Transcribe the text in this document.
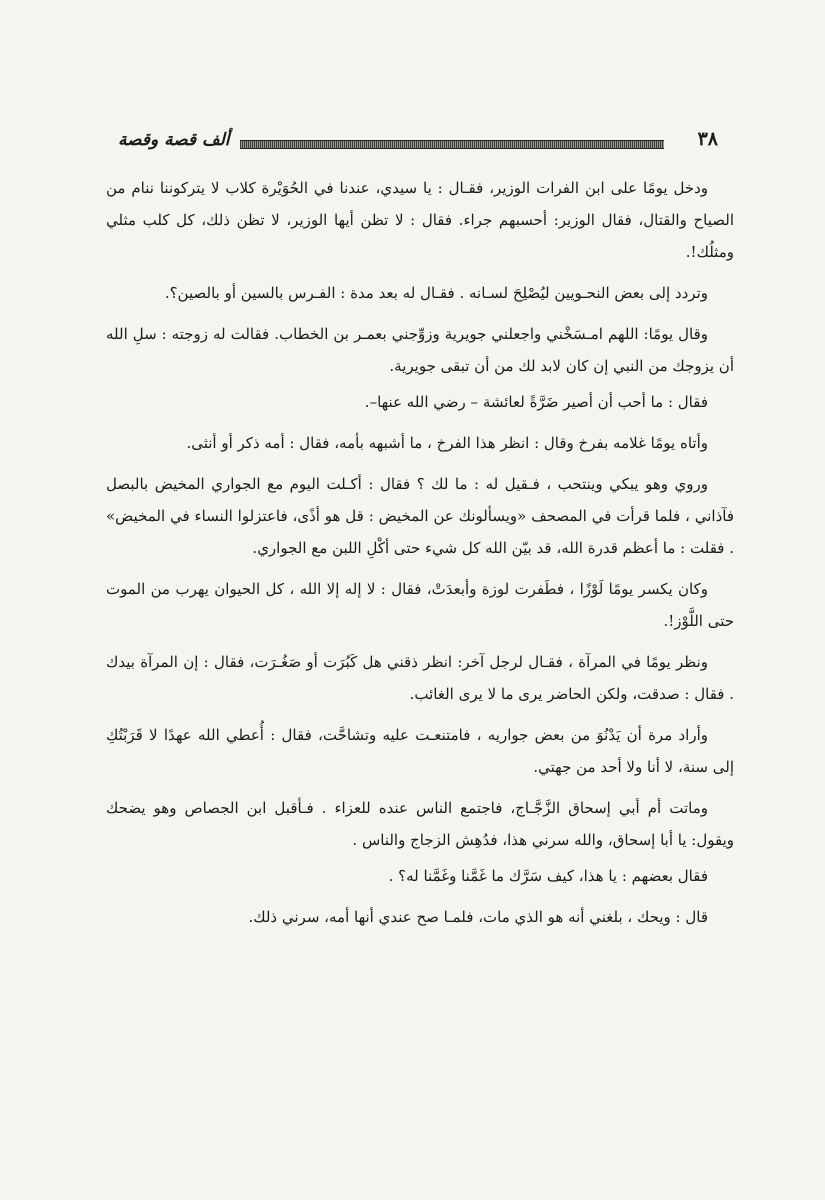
ألف قصة وقصة	٣٨

ودخل يومًا على ابن الفرات الوزير، فقـال : يا سيدي، عندنا في الحُوَيْرة كلاب لا يتركوننا ننام من الصياح والقتال، فقال الوزير: أحسبهم جراء. فقال : لا تظن أيها الوزير، لا تظن ذلك، كل كلب مثلي ومثلُك!.

وتردد إلى بعض النحـويين ليُصْلِحَ لسـانه . فقـال له بعد مدة : الفـرس بالسين أو بالصين؟.

وقال يومًا: اللهم امـسَخْني واجعلني جويرية وزوِّجني بعمـر بن الخطاب. فقالت له زوجته : سلِ الله أن يزوجك من النبي إن كان لابد لك من أن تبقى جويرية.

فقال : ما أحب أن أصير ضَرَّةً لعائشة – رضي الله عنها–.

وأتاه يومًا غلامه بفرخ وقال : انظر هذا الفرخ ، ما أشبهه بأمه، فقال : أمه ذكر أو أنثى.

وروي وهو يبكي وينتحب ، فـقيل له : ما لك ؟ فقال : أكـلت اليوم مع الجواري المخيض بالبصل فآذاني ، فلما قرأت في المصحف «ويسألونك عن المخيض : قل هو أذًى، فاعتزلوا النساء في المخيض» . فقلت : ما أعظم قدرة الله، قد بيّن الله كل شيء حتى أكْلِ اللبن مع الجواري.

وكان يكسر يومًا لَوْزًا ، فطَفرت لوزة وأبعدَتْ، فقال : لا إله إلا الله ، كل الحيوان يهرب من الموت حتى اللَّوْز!.

ونظر يومًا في المرآة ، فقـال لرجل آخر: انظر ذقني هل كَبُرَت أو صَغُـرَت، فقال : إن المرآة بيدك . فقال : صدقت، ولكن الحاضر يرى ما لا يرى الغائب.

وأراد مرة أن يَدْنُوَ من بعض جواريه ، فامتنعـت عليه وتشاحَّت، فقال : أُعطي الله عهدًا لا قَرَبْتُكِ إلى سنة، لا أنا ولا أحد من جهتي.

وماتت أم أبي إسحاق الزَّجَّـاج، فاجتمع الناس عنده للعزاء . فـأقبل ابن الجصاص وهو يضحك ويقول: يا أبا إسحاق، والله سرني هذا، فدُهِش الزجاج والناس .

فقال بعضهم : يا هذا، كيف سَرَّك ما غَمَّنا وغَمَّنا له؟ .

قال : ويحك ، بلغني أنه هو الذي مات، فلمـا صح عندي أنها أمه، سرني ذلك.
